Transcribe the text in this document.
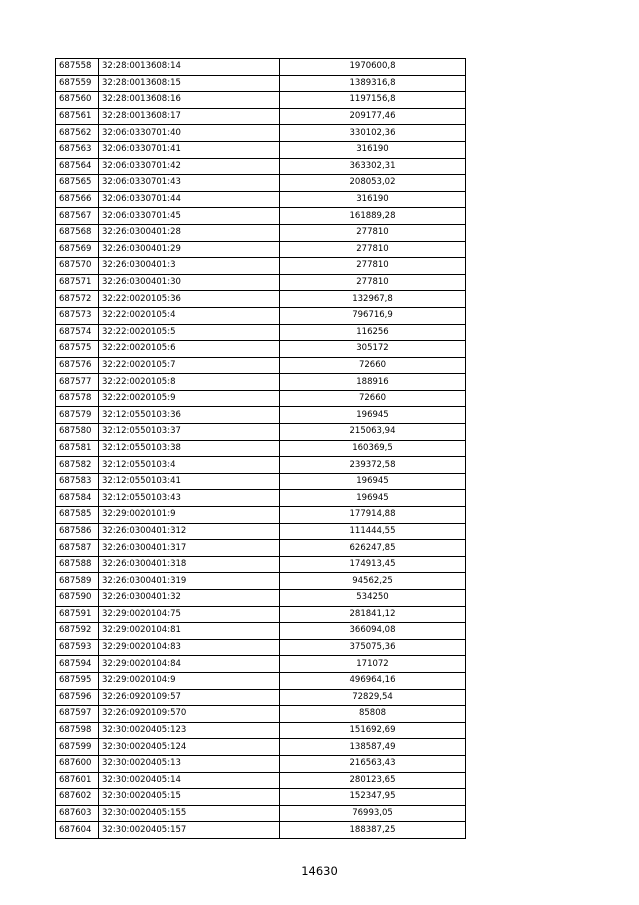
687558	32:28:0013608:14	1970600,8
687559	32:28:0013608:15	1389316,8
687560	32:28:0013608:16	1197156,8
687561	32:28:0013608:17	209177,46
687562	32:06:0330701:40	330102,36
687563	32:06:0330701:41	316190
687564	32:06:0330701:42	363302,31
687565	32:06:0330701:43	208053,02
687566	32:06:0330701:44	316190
687567	32:06:0330701:45	161889,28
687568	32:26:0300401:28	277810
687569	32:26:0300401:29	277810
687570	32:26:0300401:3	277810
687571	32:26:0300401:30	277810
687572	32:22:0020105:36	132967,8
687573	32:22:0020105:4	796716,9
687574	32:22:0020105:5	116256
687575	32:22:0020105:6	305172
687576	32:22:0020105:7	72660
687577	32:22:0020105:8	188916
687578	32:22:0020105:9	72660
687579	32:12:0550103:36	196945
687580	32:12:0550103:37	215063,94
687581	32:12:0550103:38	160369,5
687582	32:12:0550103:4	239372,58
687583	32:12:0550103:41	196945
687584	32:12:0550103:43	196945
687585	32:29:0020101:9	177914,88
687586	32:26:0300401:312	111444,55
687587	32:26:0300401:317	626247,85
687588	32:26:0300401:318	174913,45
687589	32:26:0300401:319	94562,25
687590	32:26:0300401:32	534250
687591	32:29:0020104:75	281841,12
687592	32:29:0020104:81	366094,08
687593	32:29:0020104:83	375075,36
687594	32:29:0020104:84	171072
687595	32:29:0020104:9	496964,16
687596	32:26:0920109:57	72829,54
687597	32:26:0920109:570	85808
687598	32:30:0020405:123	151692,69
687599	32:30:0020405:124	138587,49
687600	32:30:0020405:13	216563,43
687601	32:30:0020405:14	280123,65
687602	32:30:0020405:15	152347,95
687603	32:30:0020405:155	76993,05
687604	32:30:0020405:157	188387,25
14630
